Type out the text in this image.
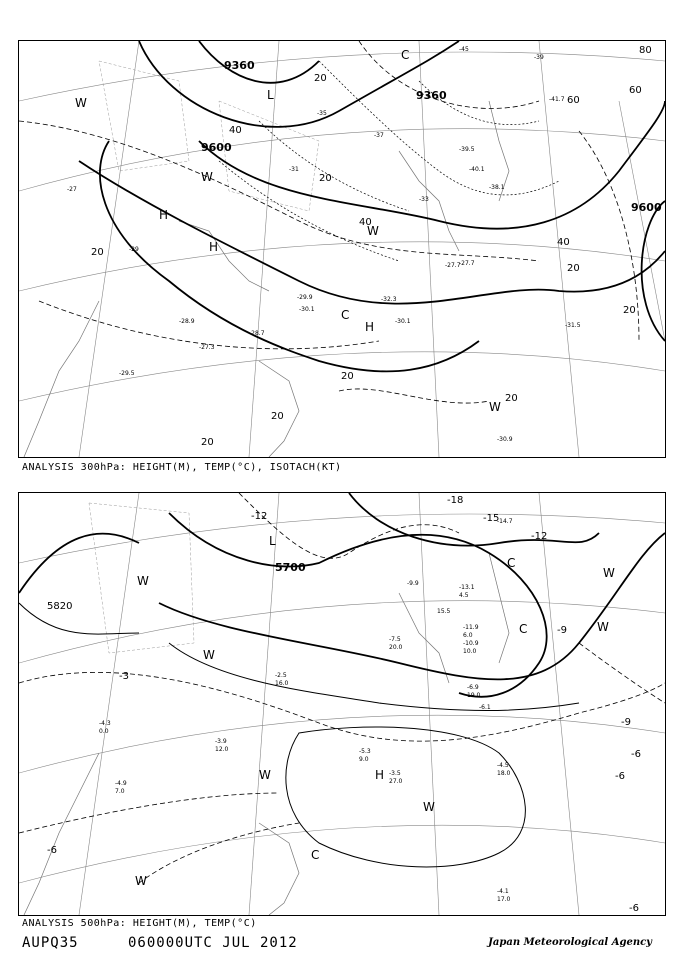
9360
9360
9600
9600
20
20
20
20
20
20
20
20
20
40
40
40
60
80
60
-45
-39
-37
-35
-33
-31
-29
-27
-30.1
-29.9	-32.3
-30.9
-31.5
-30.1
-27.3
-27.7
-39.5
-38.1
-40.1
-41.7
-28.9
-27.7
-29.5
-28.7
H
H
H
C
W
W
W
W
L
C
ANALYSIS 300hPa: HEIGHT(M), TEMP(°C), ISOTACH(KT)
5700
5820
-12	-15
-18
-12
-9
-6
-3
-9
-6
-6
-6
-13.1
-11.9
-10.9
-9.9
-7.5
-6.9
-5.3
-4.5
-3.5
-4.1
-4.3
-4.9
-2.5
-3.9
-6.1
-14.7
4.5
15.5
6.0
10.0
20.0
19.0
9.0
18.0
27.0
17.0
0.0
7.0
16.0
12.0
L
C
C
C
W
W
W
W
W
W
W
H
ANALYSIS 500hPa: HEIGHT(M), TEMP(°C)
AUPQ35	060000UTC JUL 2012	Japan Meteorological Agency
